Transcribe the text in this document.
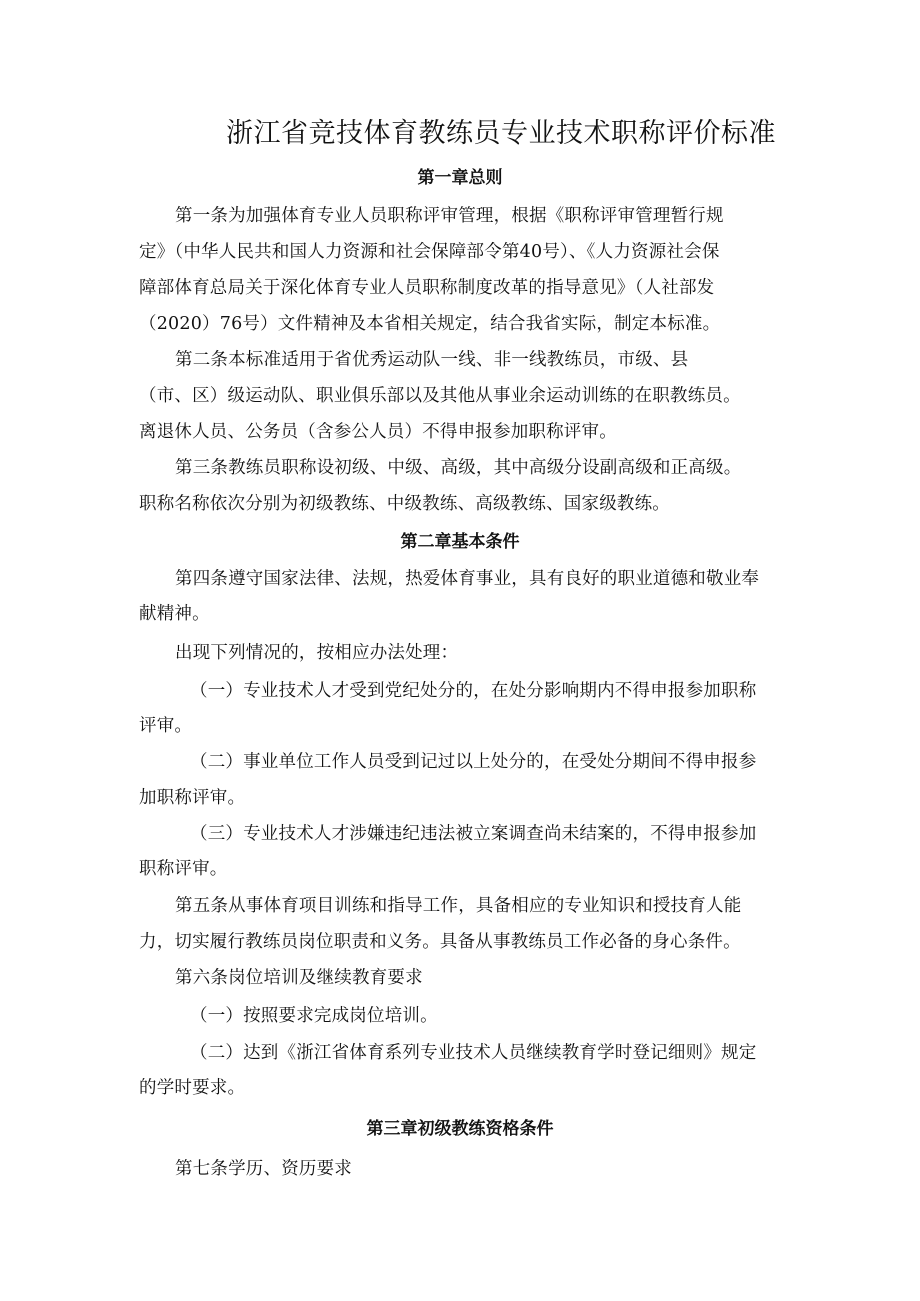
浙江省竞技体育教练员专业技术职称评价标准
第一章总则
第一条为加强体育专业人员职称评审管理，根据《职称评审管理暂行规
定》（中华人民共和国人力资源和社会保障部令第40号）、《人力资源社会保
障部体育总局关于深化体育专业人员职称制度改革的指导意见》（人社部发
（2020）76号）文件精神及本省相关规定，结合我省实际，制定本标准。
第二条本标准适用于省优秀运动队一线、非一线教练员，市级、县
（市、区）级运动队、职业俱乐部以及其他从事业余运动训练的在职教练员。
离退休人员、公务员（含参公人员）不得申报参加职称评审。
第三条教练员职称设初级、中级、高级，其中高级分设副高级和正高级。
职称名称依次分别为初级教练、中级教练、高级教练、国家级教练。
第二章基本条件
第四条遵守国家法律、法规，热爱体育事业，具有良好的职业道德和敬业奉
献精神。
出现下列情况的，按相应办法处理：
（一）专业技术人才受到党纪处分的，在处分影响期内不得申报参加职称
评审。
（二）事业单位工作人员受到记过以上处分的，在受处分期间不得申报参
加职称评审。
（三）专业技术人才涉嫌违纪违法被立案调查尚未结案的，不得申报参加
职称评审。
第五条从事体育项目训练和指导工作，具备相应的专业知识和授技育人能
力，切实履行教练员岗位职责和义务。具备从事教练员工作必备的身心条件。
第六条岗位培训及继续教育要求
（一）按照要求完成岗位培训。
（二）达到《浙江省体育系列专业技术人员继续教育学时登记细则》规定
的学时要求。
第三章初级教练资格条件
第七条学历、资历要求
